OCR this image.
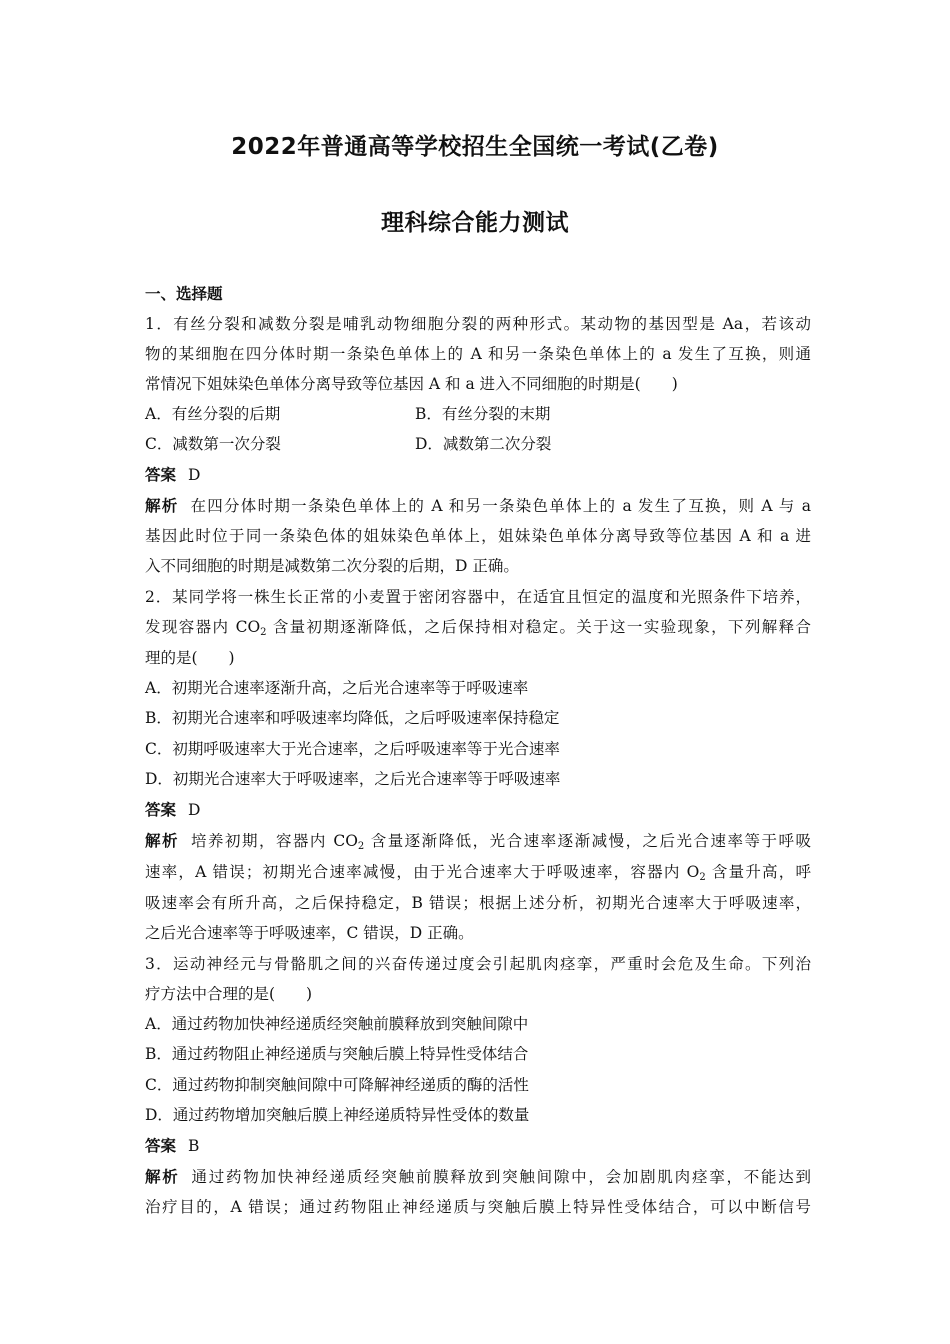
2022年普通高等学校招生全国统一考试(乙卷)
理科综合能力测试
一、选择题
1．有丝分裂和减数分裂是哺乳动物细胞分裂的两种形式。某动物的基因型是 Aa，若该动
物的某细胞在四分体时期一条染色单体上的 A 和另一条染色单体上的 a 发生了互换，则通
常情况下姐妹染色单体分离导致等位基因 A 和 a 进入不同细胞的时期是(　　)
A．有丝分裂的后期	B．有丝分裂的末期
C．减数第一次分裂	D．减数第二次分裂
答案 D
解析 在四分体时期一条染色单体上的 A 和另一条染色单体上的 a 发生了互换，则 A 与 a
基因此时位于同一条染色体的姐妹染色单体上，姐妹染色单体分离导致等位基因 A 和 a 进
入不同细胞的时期是减数第二次分裂的后期，D 正确。
2．某同学将一株生长正常的小麦置于密闭容器中，在适宜且恒定的温度和光照条件下培养，
发现容器内 $CO_2$ 含量初期逐渐降低，之后保持相对稳定。关于这一实验现象，下列解释合
理的是(　　)
A．初期光合速率逐渐升高，之后光合速率等于呼吸速率
B．初期光合速率和呼吸速率均降低，之后呼吸速率保持稳定
C．初期呼吸速率大于光合速率，之后呼吸速率等于光合速率
D．初期光合速率大于呼吸速率，之后光合速率等于呼吸速率
答案 D
解析 培养初期，容器内 $CO_2$ 含量逐渐降低，光合速率逐渐减慢，之后光合速率等于呼吸
速率，A 错误；初期光合速率减慢，由于光合速率大于呼吸速率，容器内 $O_2$ 含量升高，呼
吸速率会有所升高，之后保持稳定，B 错误；根据上述分析，初期光合速率大于呼吸速率，
之后光合速率等于呼吸速率，C 错误，D 正确。
3．运动神经元与骨骼肌之间的兴奋传递过度会引起肌肉痉挛，严重时会危及生命。下列治
疗方法中合理的是(　　)
A．通过药物加快神经递质经突触前膜释放到突触间隙中
B．通过药物阻止神经递质与突触后膜上特异性受体结合
C．通过药物抑制突触间隙中可降解神经递质的酶的活性
D．通过药物增加突触后膜上神经递质特异性受体的数量
答案 B
解析 通过药物加快神经递质经突触前膜释放到突触间隙中，会加剧肌肉痉挛，不能达到
治疗目的，A 错误；通过药物阻止神经递质与突触后膜上特异性受体结合，可以中断信号
